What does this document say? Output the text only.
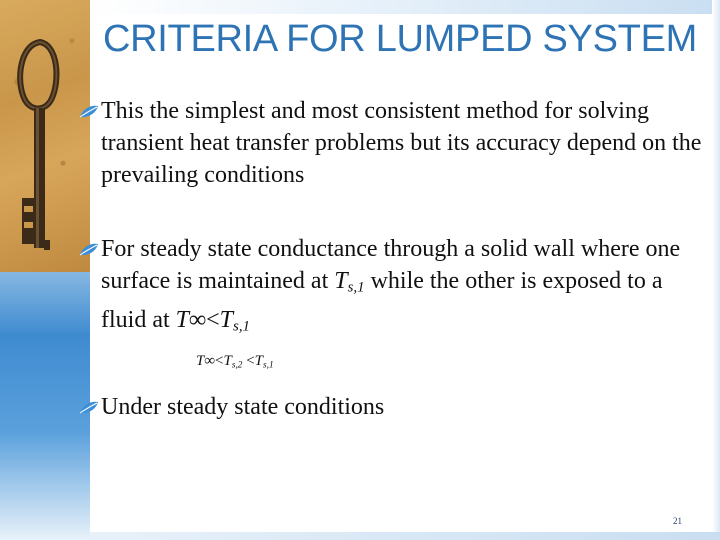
CRITERIA FOR LUMPED SYSTEM
This the simplest and most consistent method for solving transient heat transfer problems but its accuracy depend on the prevailing conditions
For steady state conductance through a solid wall where one surface is maintained at $T_{s,1}$ while the other is exposed to a fluid at $T\infty<T_{s,1}$
$T\infty<T_{s,2} <T_{s,1}$
Under steady state conditions
21
